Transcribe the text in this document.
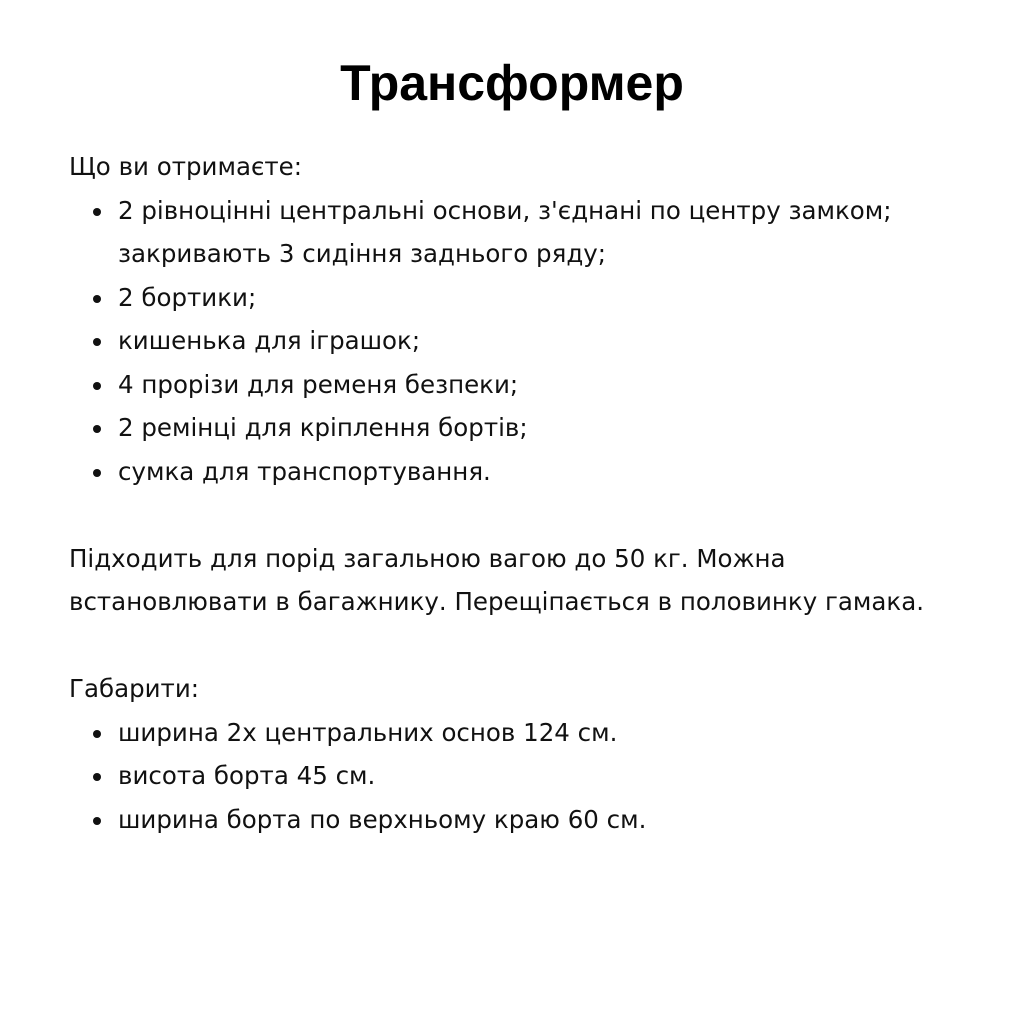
Трансформер

Що ви отримаєте:

2 рівноцінні центральні основи, з'єднані по центру замком; закривають 3 сидіння заднього ряду;
2 бортики;
кишенька для іграшок;
4 прорізи для ременя безпеки;
2 ремінці для кріплення бортів;
сумка для транспортування.

Підходить для порід загальною вагою до 50 кг. Можна встановлювати в багажнику. Перещіпається в половинку гамака.

Габарити:

ширина 2х центральних основ 124 см.
висота борта 45 см.
ширина борта по верхньому краю 60 см.
